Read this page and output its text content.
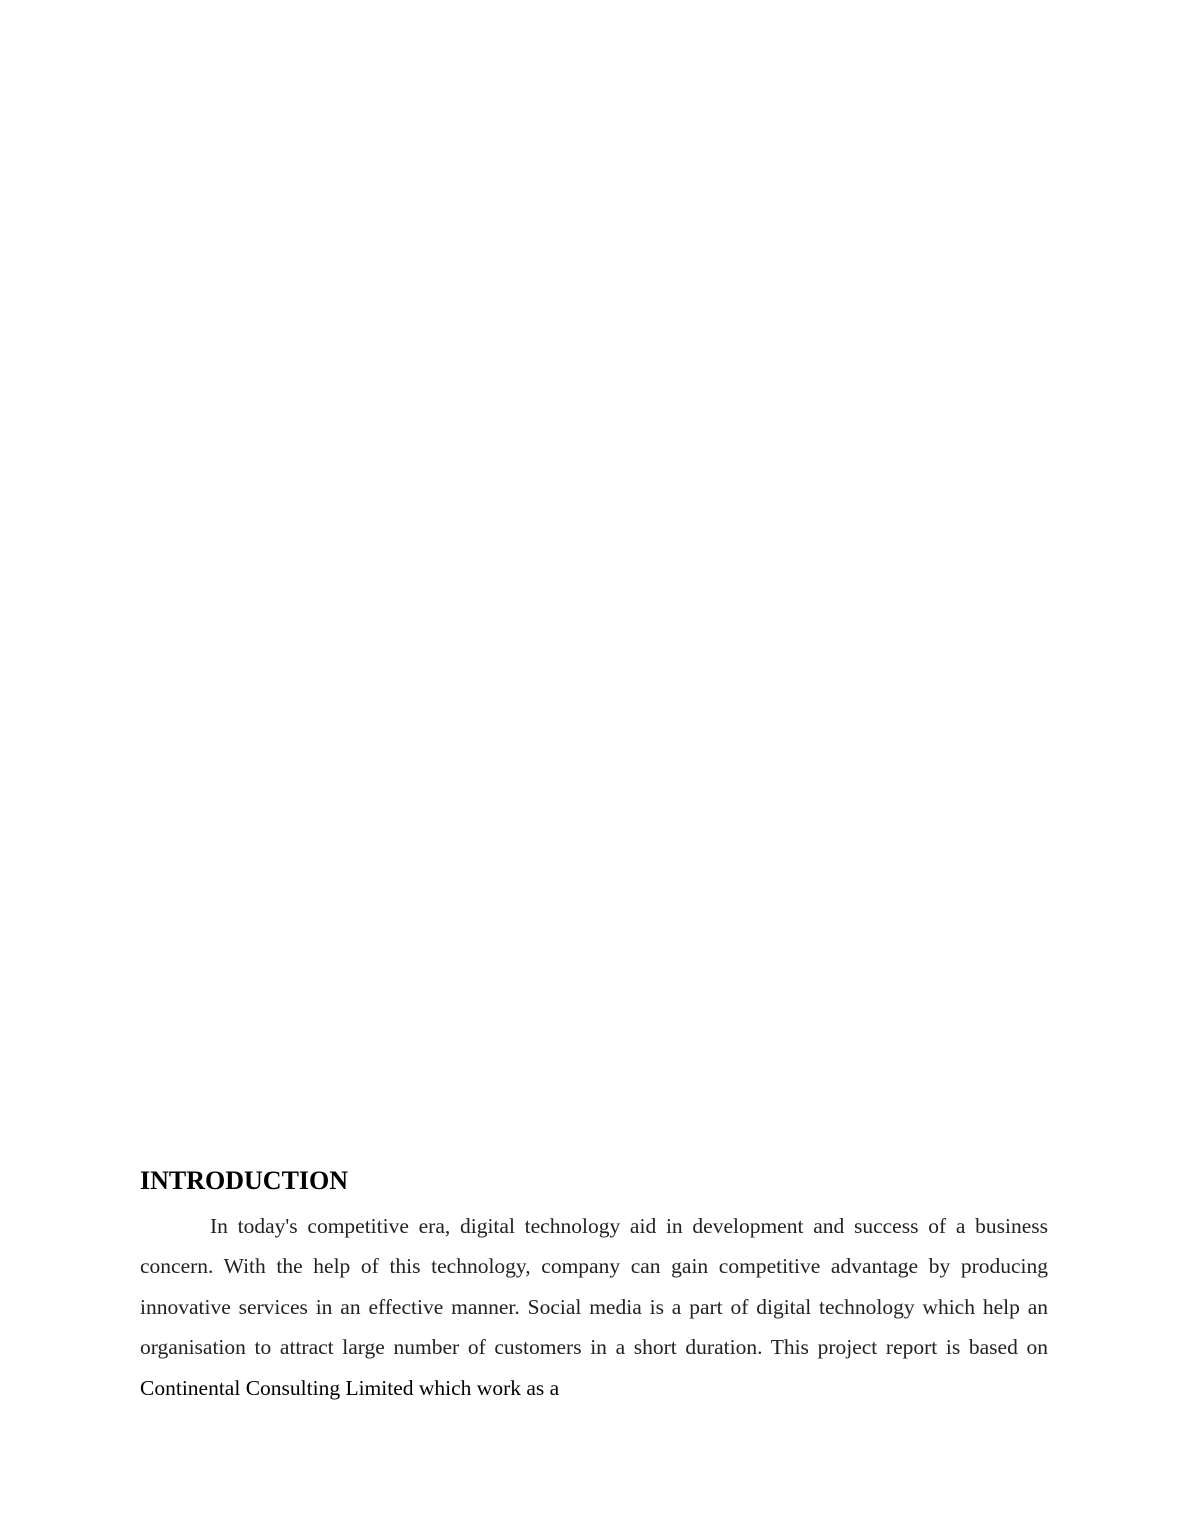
INTRODUCTION

In today's competitive era, digital technology aid in development and success of a business concern. With the help of this technology, company can gain competitive advantage by producing innovative services in an effective manner. Social media is a part of digital technology which help an organisation to attract large number of customers in a short duration. This project report is based on Continental Consulting Limited which work as a
